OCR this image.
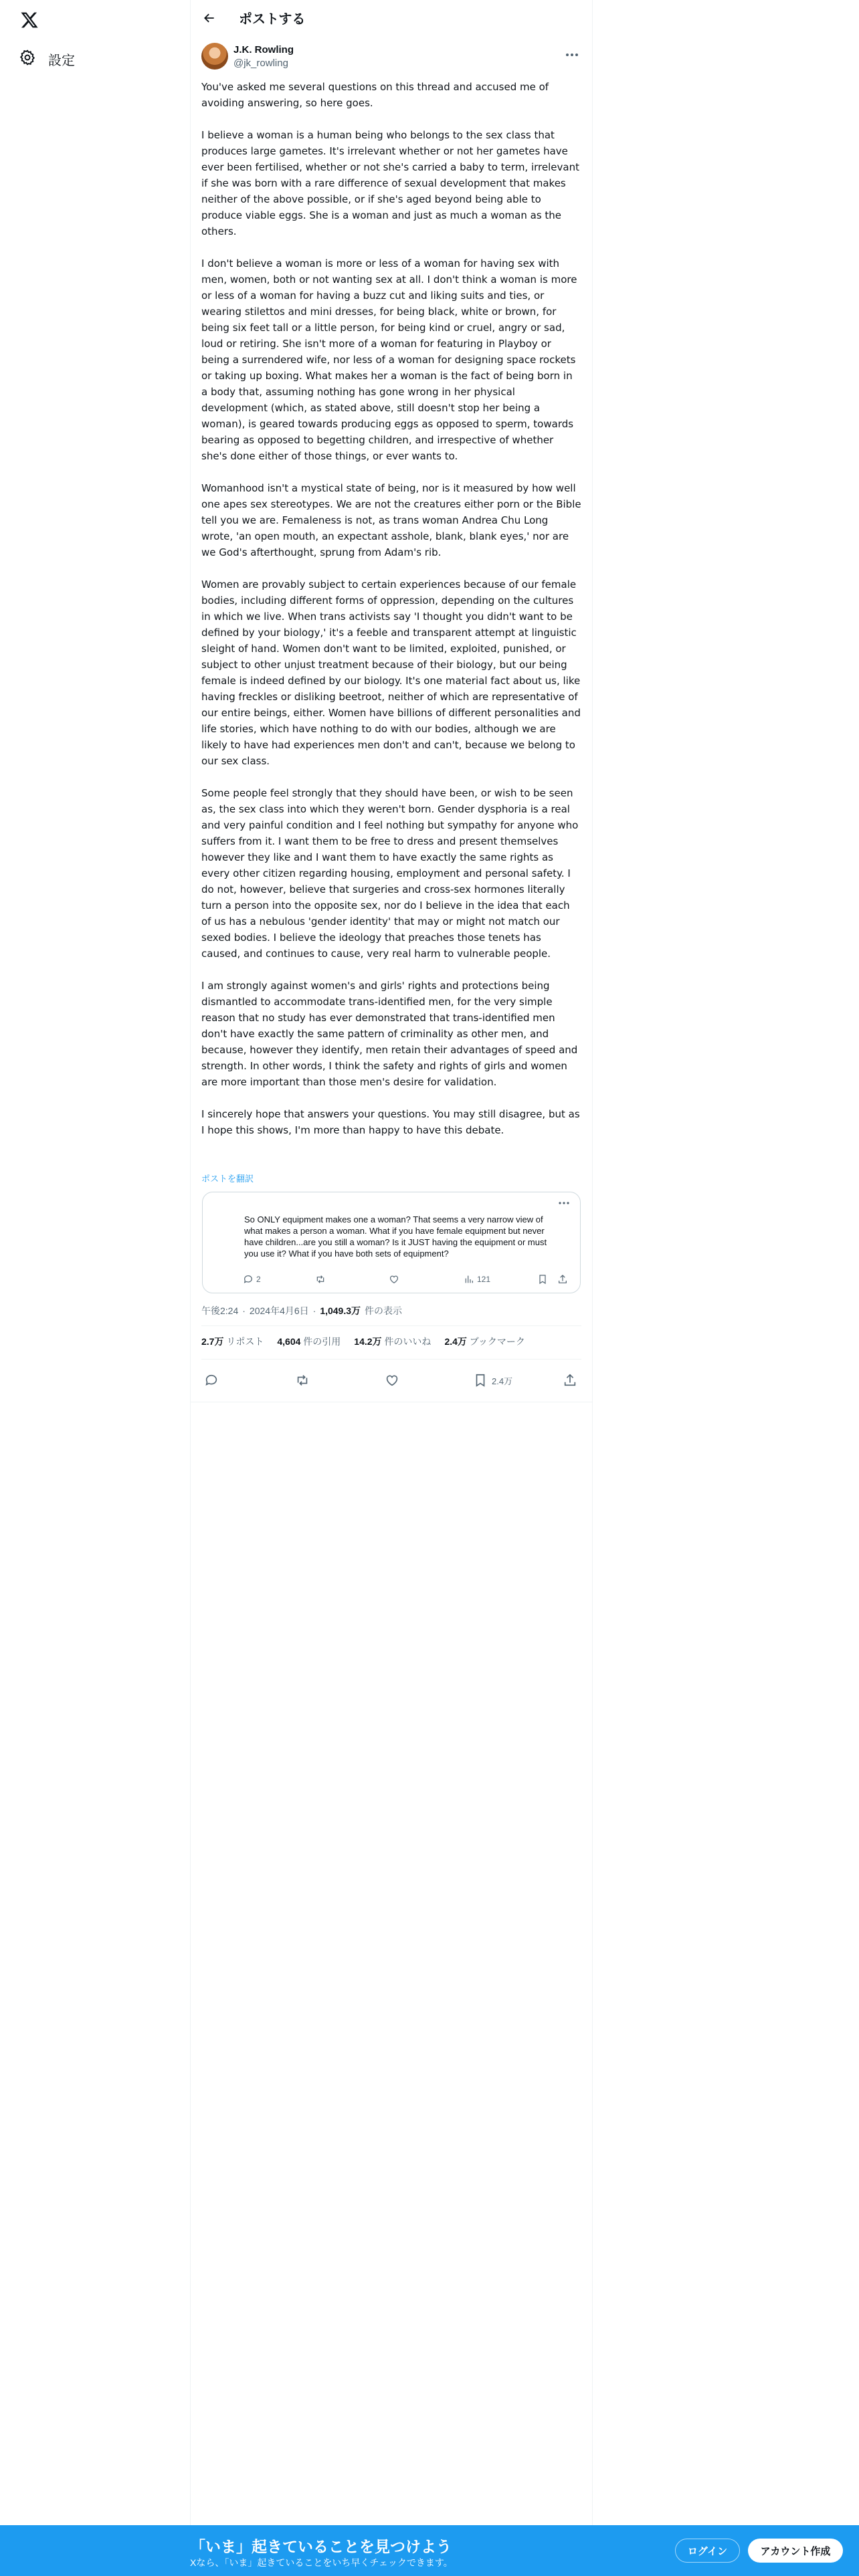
設定
ポストする
J.K. Rowling
@jk_rowling
You've asked me several questions on this thread and accused me of avoiding answering, so here goes.

I believe a woman is a human being who belongs to the sex class that produces large gametes. It's irrelevant whether or not her gametes have ever been fertilised, whether or not she's carried a baby to term, irrelevant if she was born with a rare difference of sexual development that makes neither of the above possible, or if she's aged beyond being able to produce viable eggs. She is a woman and just as much a woman as the others.

I don't believe a woman is more or less of a woman for having sex with men, women, both or not wanting sex at all. I don't think a woman is more or less of a woman for having a buzz cut and liking suits and ties, or wearing stilettos and mini dresses, for being black, white or brown, for being six feet tall or a little person, for being kind or cruel, angry or sad, loud or retiring. She isn't more of a woman for featuring in Playboy or being a surrendered wife, nor less of a woman for designing space rockets or taking up boxing. What makes her a woman is the fact of being born in a body that, assuming nothing has gone wrong in her physical development (which, as stated above, still doesn't stop her being a woman), is geared towards producing eggs as opposed to sperm, towards bearing as opposed to begetting children, and irrespective of whether she's done either of those things, or ever wants to.

Womanhood isn't a mystical state of being, nor is it measured by how well one apes sex stereotypes. We are not the creatures either porn or the Bible tell you we are. Femaleness is not, as trans woman Andrea Chu Long wrote, 'an open mouth, an expectant asshole, blank, blank eyes,' nor are we God's afterthought, sprung from Adam's rib.

Women are provably subject to certain experiences because of our female bodies, including different forms of oppression, depending on the cultures in which we live. When trans activists say 'I thought you didn't want to be defined by your biology,' it's a feeble and transparent attempt at linguistic sleight of hand. Women don't want to be limited, exploited, punished, or subject to other unjust treatment because of their biology, but our being female is indeed defined by our biology. It's one material fact about us, like having freckles or disliking beetroot, neither of which are representative of our entire beings, either. Women have billions of different personalities and life stories, which have nothing to do with our bodies, although we are likely to have had experiences men don't and can't, because we belong to our sex class.

Some people feel strongly that they should have been, or wish to be seen as, the sex class into which they weren't born. Gender dysphoria is a real and very painful condition and I feel nothing but sympathy for anyone who suffers from it. I want them to be free to dress and present themselves however they like and I want them to have exactly the same rights as every other citizen regarding housing, employment and personal safety. I do not, however, believe that surgeries and cross-sex hormones literally turn a person into the opposite sex, nor do I believe in the idea that each of us has a nebulous 'gender identity' that may or might not match our sexed bodies. I believe the ideology that preaches those tenets has caused, and continues to cause, very real harm to vulnerable people.

I am strongly against women's and girls' rights and protections being dismantled to accommodate trans-identified men, for the very simple reason that no study has ever demonstrated that trans-identified men don't have exactly the same pattern of criminality as other men, and because, however they identify, men retain their advantages of speed and strength. In other words, I think the safety and rights of girls and women are more important than those men's desire for validation.

I sincerely hope that answers your questions. You may still disagree, but as I hope this shows, I'm more than happy to have this debate.
ポストを翻訳
So ONLY equipment makes one a woman? That seems a very narrow view of what makes a person a woman. What if you have female equipment but never have children...are you still a woman? Is it JUST having the equipment or must you use it? What if you have both sets of equipment?
2	121
午後2:24 · 2024年4月6日 · 1,049.3万 件の表示
2.7万 リポスト 4,604 件の引用 14.2万 件のいいね 2.4万 ブックマーク
2.4万
「いま」起きていることを見つけよう
Xなら、「いま」起きていることをいち早くチェックできます。
ログイン	アカウント作成
